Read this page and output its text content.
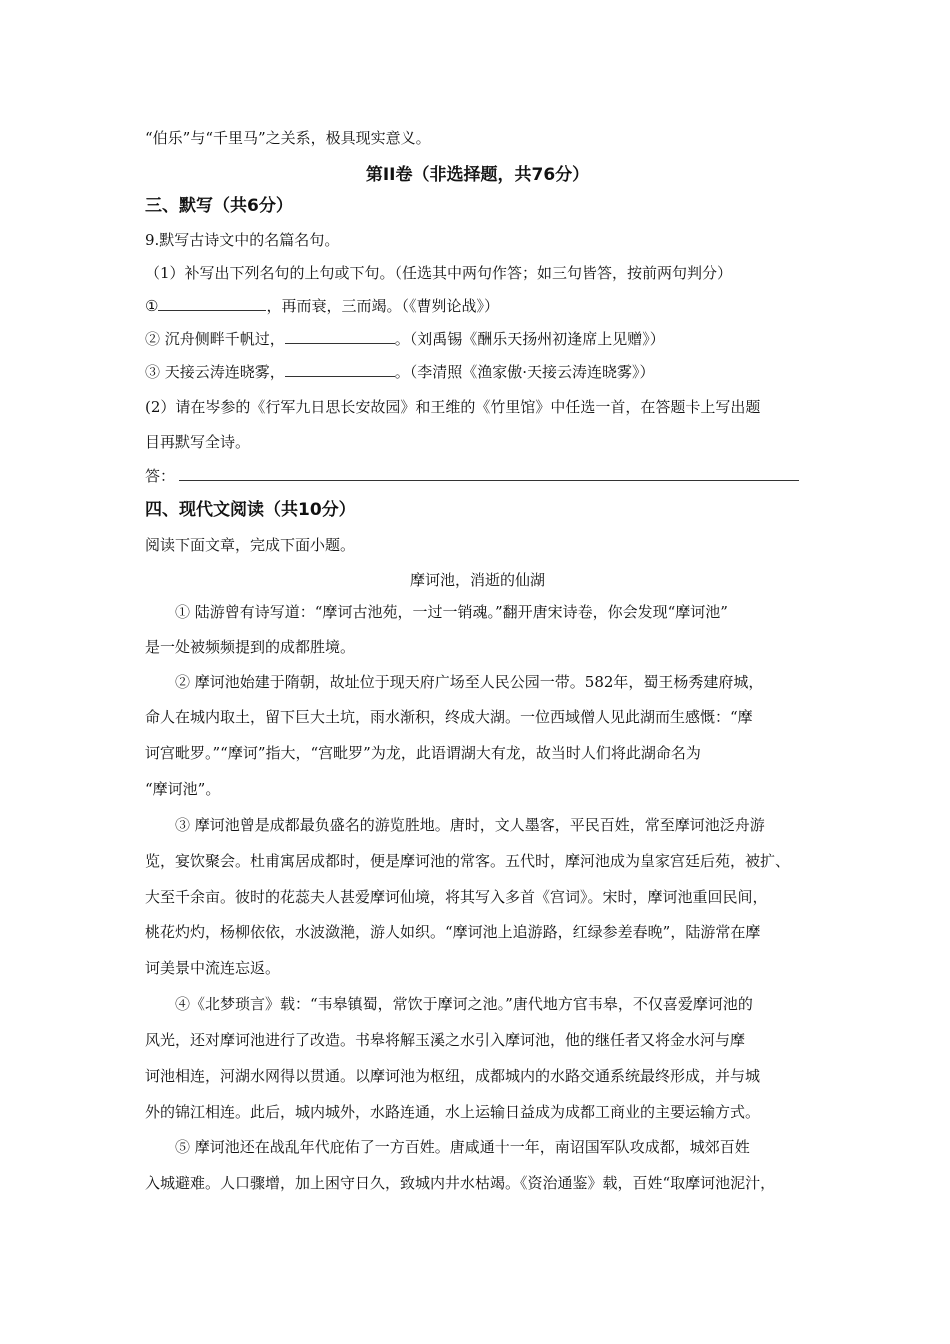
“伯乐”与“千里马”之关系，极具现实意义。
第II卷（非选择题，共76分）
三、默写（共6分）
9.默写古诗文中的名篇名句。
（1）补写出下列名句的上句或下句。（任选其中两句作答；如三句皆答，按前两句判分）
①	，再而衰，三而竭。（《曹刿论战》）
② 沉舟侧畔千帆过，	。（刘禹锡《酬乐天扬州初逢席上见赠》）
③ 天接云涛连晓雾，	。（李清照《渔家傲·天接云涛连晓雾》）
(2）请在岑参的《行军九日思长安故园》和王维的《竹里馆》中任选一首，在答题卡上写出题
目再默写全诗。
答：
四、现代文阅读（共10分）
阅读下面文章，完成下面小题。
摩诃池，消逝的仙湖
① 陆游曾有诗写道：“摩诃古池苑，一过一销魂。”翻开唐宋诗卷，你会发现“摩诃池”
是一处被频频提到的成都胜境。
② 摩诃池始建于隋朝，故址位于现天府广场至人民公园一带。582年，蜀王杨秀建府城，
命人在城内取土，留下巨大土坑，雨水渐积，终成大湖。一位西域僧人见此湖而生感慨：“摩
诃宫毗罗。”“摩诃”指大，“宫毗罗”为龙，此语谓湖大有龙，故当时人们将此湖命名为
“摩诃池”。
③ 摩诃池曾是成都最负盛名的游览胜地。唐时，文人墨客，平民百姓，常至摩诃池泛舟游
览，宴饮聚会。杜甫寓居成都时，便是摩诃池的常客。五代时，摩河池成为皇家宫廷后苑，被扩、
大至千余亩。彼时的花蕊夫人甚爱摩诃仙境，将其写入多首《宫词》。宋时，摩诃池重回民间，
桃花灼灼，杨柳依依，水波潋滟，游人如织。“摩诃池上追游路，红绿参差春晚”，陆游常在摩
诃美景中流连忘返。
④《北梦琐言》载：“韦皋镇蜀，常饮于摩诃之池。”唐代地方官韦皋，不仅喜爱摩诃池的
风光，还对摩诃池进行了改造。书皋将解玉溪之水引入摩诃池，他的继任者又将金水河与摩
诃池相连，河湖水网得以贯通。以摩诃池为枢纽，成都城内的水路交通系统最终形成，并与城
外的锦江相连。此后，城内城外，水路连通，水上运输日益成为成都工商业的主要运输方式。
⑤ 摩诃池还在战乱年代庇佑了一方百姓。唐咸通十一年，南诏国军队攻成都，城郊百姓
入城避难。人口骤增，加上困守日久，致城内井水枯竭。《资治通鉴》载，百姓“取摩诃池泥汁，
